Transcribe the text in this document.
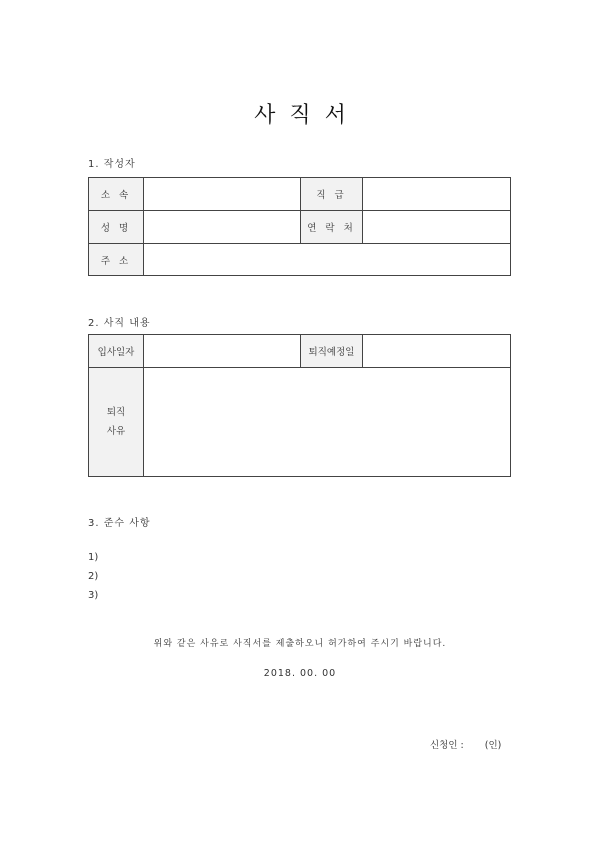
사직서
1. 작성자
소 속		직 급	
성 명		연 락 처	
주 소			
2. 사직 내용
입사일자		퇴직예정일	

퇴직
사유			

3. 준수 사항
1)
2)
3)
위와 같은 사유로 사직서를 제출하오니 허가하여 주시기 바랍니다.
2018. 00. 00
신청인 : (인)
